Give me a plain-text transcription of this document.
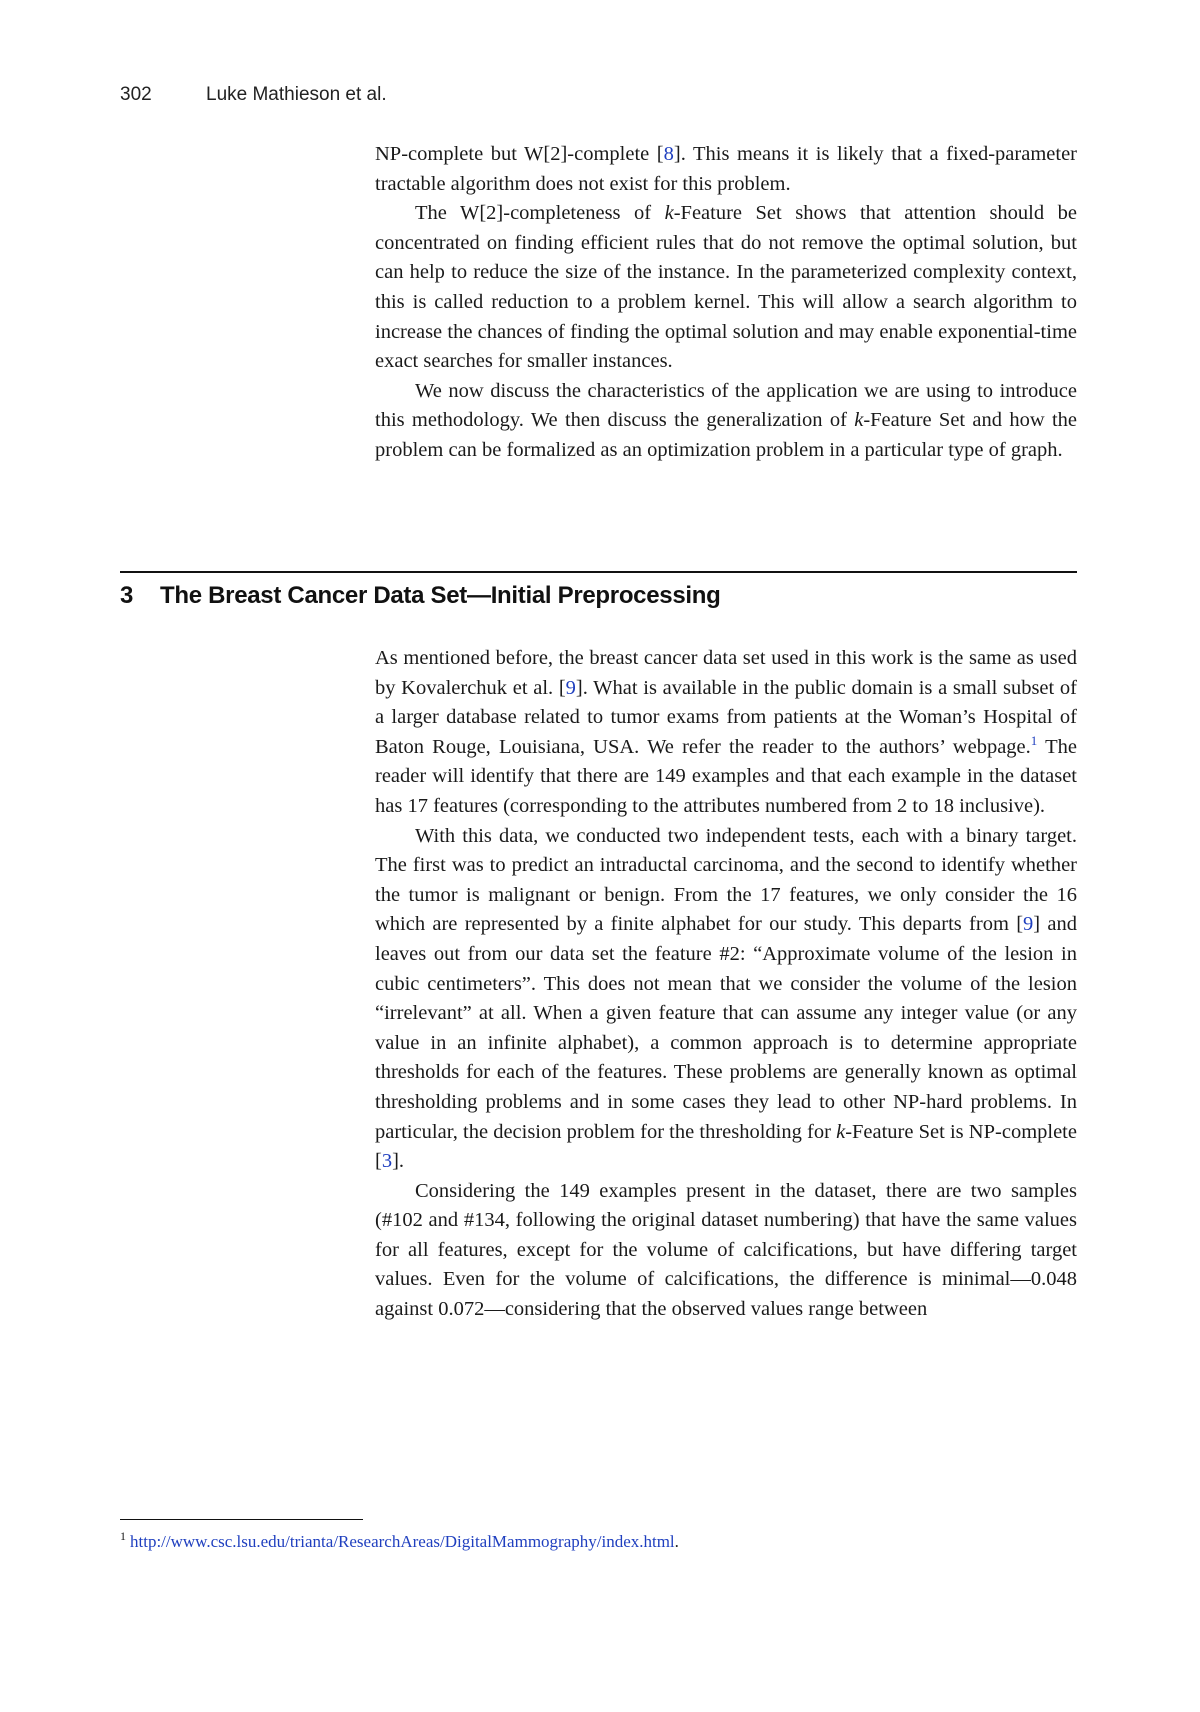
302	Luke Mathieson et al.

NP-complete but W[2]-complete [8]. This means it is likely that a fixed-parameter tractable algorithm does not exist for this problem.

The W[2]-completeness of k-Feature Set shows that attention should be concentrated on finding efficient rules that do not remove the optimal solution, but can help to reduce the size of the instance. In the parameterized complexity context, this is called reduction to a problem kernel. This will allow a search algorithm to increase the chances of finding the optimal solution and may enable exponential-time exact searches for smaller instances.

We now discuss the characteristics of the application we are using to introduce this methodology. We then discuss the generalization of k-Feature Set and how the problem can be formalized as an optimization problem in a particular type of graph.

3 The Breast Cancer Data Set—Initial Preprocessing

As mentioned before, the breast cancer data set used in this work is the same as used by Kovalerchuk et al. [9]. What is available in the public domain is a small subset of a larger database related to tumor exams from patients at the Woman’s Hospital of Baton Rouge, Louisiana, USA. We refer the reader to the authors’ webpage.$^1$ The reader will identify that there are 149 examples and that each example in the dataset has 17 features (corresponding to the attributes numbered from 2 to 18 inclusive).

With this data, we conducted two independent tests, each with a binary target. The first was to predict an intraductal carcinoma, and the second to identify whether the tumor is malignant or benign. From the 17 features, we only consider the 16 which are represented by a finite alphabet for our study. This departs from [9] and leaves out from our data set the feature #2: “Approximate volume of the lesion in cubic centimeters”. This does not mean that we consider the volume of the lesion “irrelevant” at all. When a given feature that can assume any integer value (or any value in an infinite alphabet), a common approach is to determine appropriate thresholds for each of the features. These problems are generally known as optimal thresholding problems and in some cases they lead to other NP-hard problems. In particular, the decision problem for the thresholding for k-Feature Set is NP-complete [3].

Considering the 149 examples present in the dataset, there are two samples (#102 and #134, following the original dataset numbering) that have the same values for all features, except for the volume of calcifications, but have differing target values. Even for the volume of calcifications, the difference is minimal—0.048 against 0.072—considering that the observed values range between

$^1$ http://www.csc.lsu.edu/trianta/ResearchAreas/DigitalMammography/index.html.
